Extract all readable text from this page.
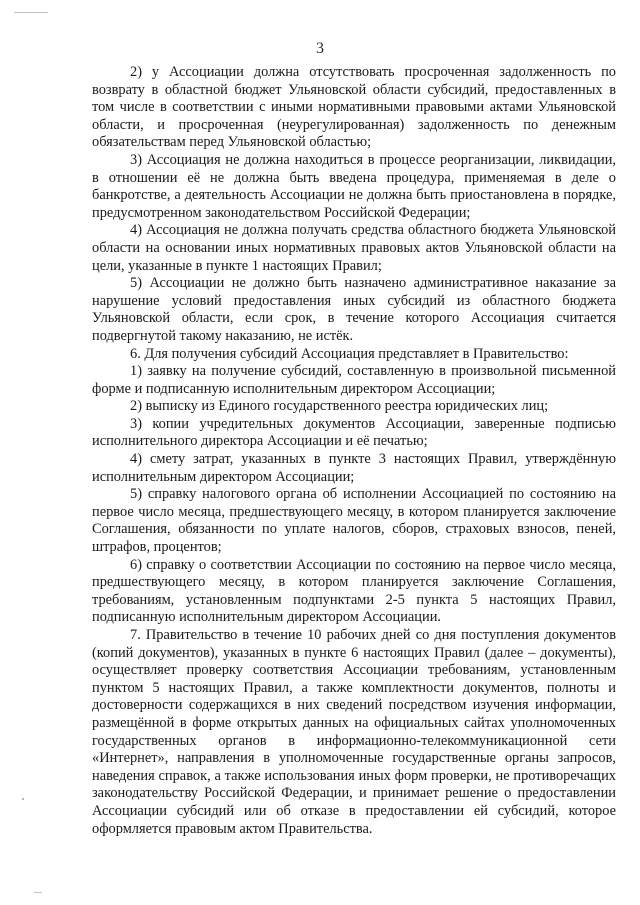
3

2) у Ассоциации должна отсутствовать просроченная задолженность по возврату в областной бюджет Ульяновской области субсидий, предоставленных в том числе в соответствии с иными нормативными правовыми актами Ульяновской области, и просроченная (неурегулированная) задолженность по денежным обязательствам перед Ульяновской областью;

3) Ассоциация не должна находиться в процессе реорганизации, ликвидации, в отношении её не должна быть введена процедура, применяемая в деле о банкротстве, а деятельность Ассоциации не должна быть приостановлена в порядке, предусмотренном законодательством Российской Федерации;

4) Ассоциация не должна получать средства областного бюджета Ульяновской области на основании иных нормативных правовых актов Ульяновской области на цели, указанные в пункте 1 настоящих Правил;

5) Ассоциации не должно быть назначено административное наказание за нарушение условий предоставления иных субсидий из областного бюджета Ульяновской области, если срок, в течение которого Ассоциация считается подвергнутой такому наказанию, не истёк.

6. Для получения субсидий Ассоциация представляет в Правительство:

1) заявку на получение субсидий, составленную в произвольной письменной форме и подписанную исполнительным директором Ассоциации;

2) выписку из Единого государственного реестра юридических лиц;

3) копии учредительных документов Ассоциации, заверенные подписью исполнительного директора Ассоциации и её печатью;

4) смету затрат, указанных в пункте 3 настоящих Правил, утверждённую исполнительным директором Ассоциации;

5) справку налогового органа об исполнении Ассоциацией по состоянию на первое число месяца, предшествующего месяцу, в котором планируется заключение Соглашения, обязанности по уплате налогов, сборов, страховых взносов, пеней, штрафов, процентов;

6) справку о соответствии Ассоциации по состоянию на первое число месяца, предшествующего месяцу, в котором планируется заключение Соглашения, требованиям, установленным подпунктами 2-5 пункта 5 настоящих Правил, подписанную исполнительным директором Ассоциации.

7. Правительство в течение 10 рабочих дней со дня поступления документов (копий документов), указанных в пункте 6 настоящих Правил (далее – документы), осуществляет проверку соответствия Ассоциации требованиям, установленным пунктом 5 настоящих Правил, а также комплектности документов, полноты и достоверности содержащихся в них сведений посредством изучения информации, размещённой в форме открытых данных на официальных сайтах уполномоченных государственных органов в информационно-телекоммуникационной сети «Интернет», направления в уполномоченные государственные органы запросов, наведения справок, а также использования иных форм проверки, не противоречащих законодательству Российской Федерации, и принимает решение о предоставлении Ассоциации субсидий или об отказе в предоставлении ей субсидий, которое оформляется правовым актом Правительства.
